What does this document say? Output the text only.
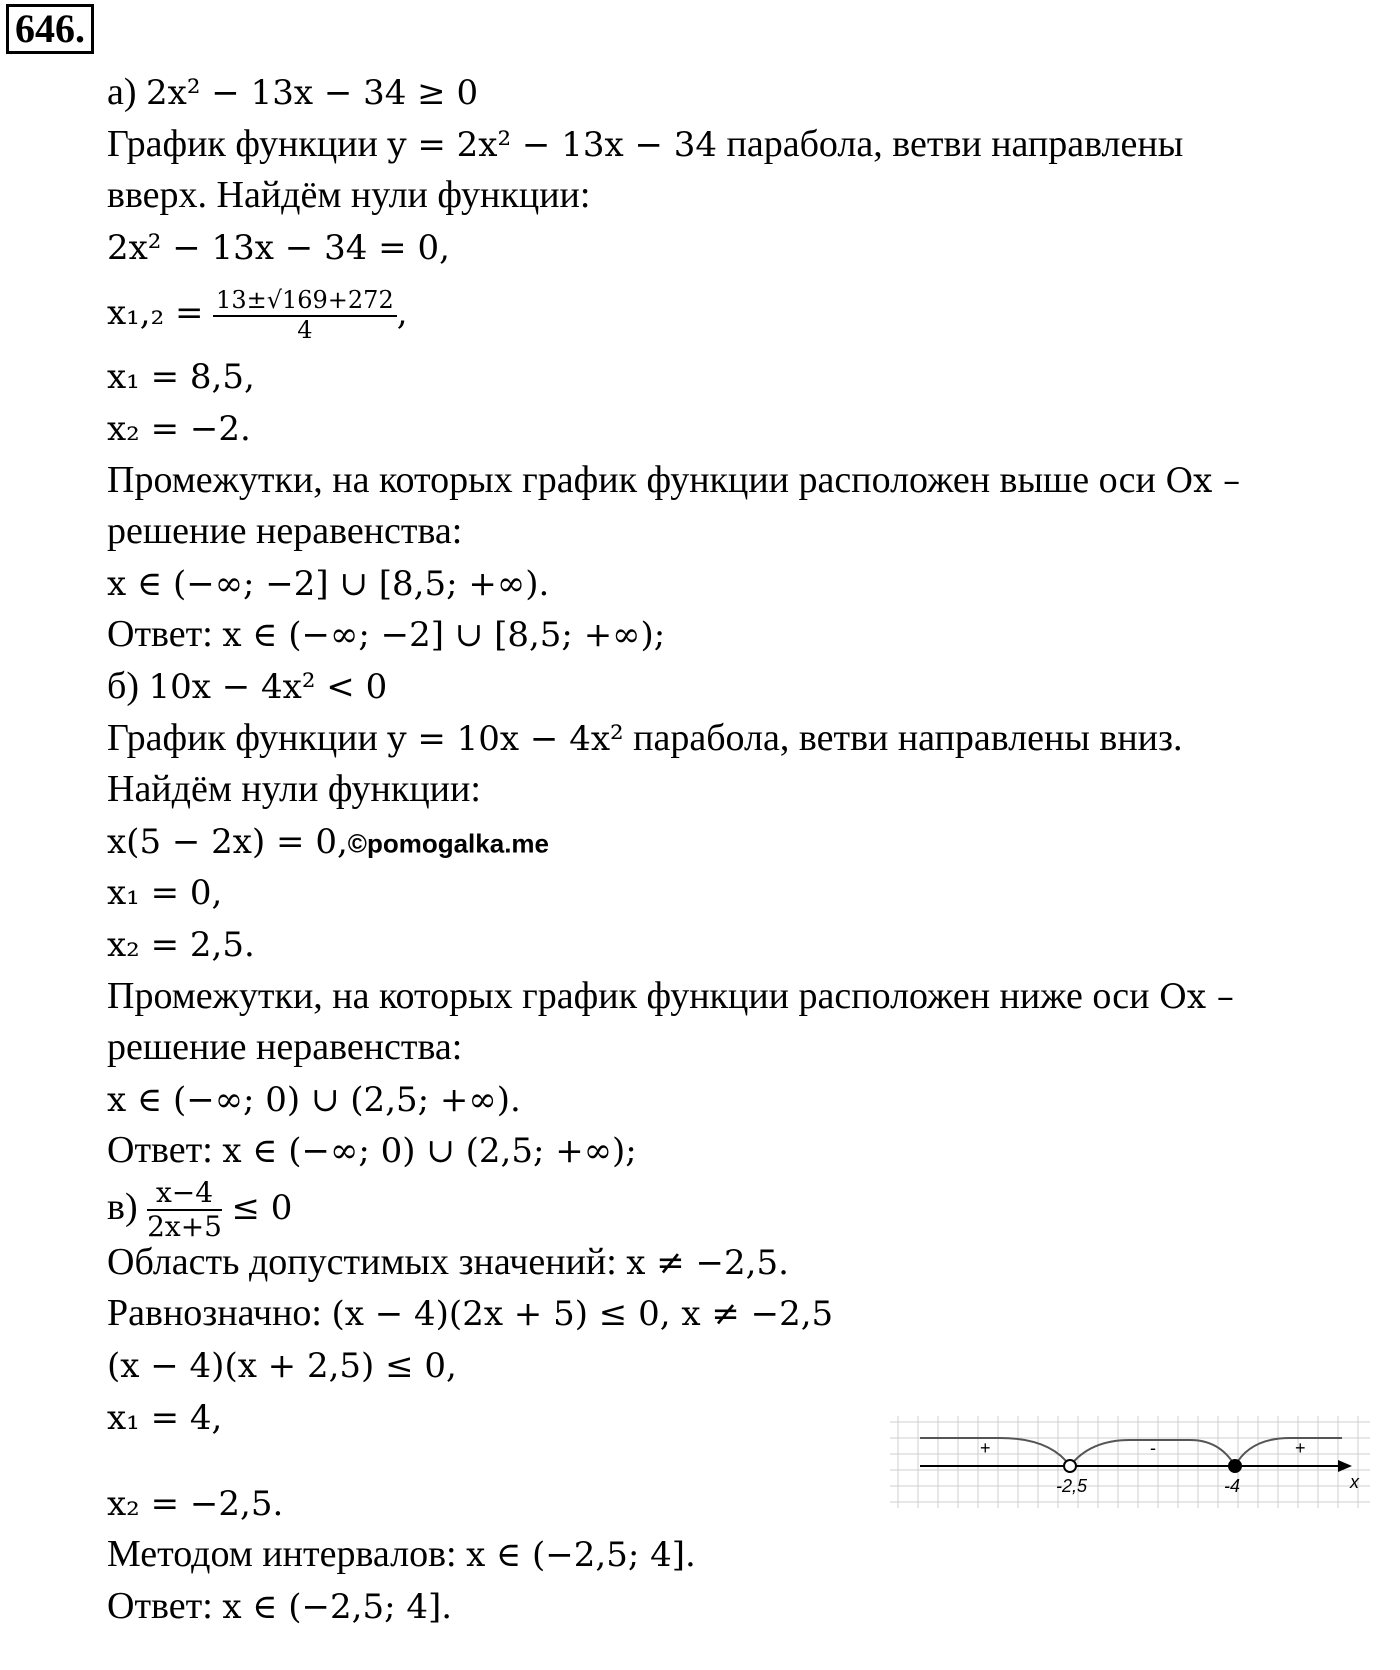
646.
а) 2x² − 13x − 34 ≥ 0
График функции y = 2x² − 13x − 34 парабола, ветви направлены
вверх. Найдём нули функции:
2x² − 13x − 34 = 0,
$x_1,_2 = \frac{13\pm√169+272}{4}$ ,
x₁ = 8,5,
x₂ = −2.
Промежутки, на которых график функции расположен выше оси Ox –
решение неравенства:
x ∈ (−∞; −2] ∪ [8,5; +∞).
Ответ: x ∈ (−∞; −2] ∪ [8,5; +∞);
б) 10x − 4x² < 0
График функции y = 10x − 4x² парабола, ветви направлены вниз.
Найдём нули функции:
x(5 − 2x) = 0,©pomogalka.me
x₁ = 0,
x₂ = 2,5.
Промежутки, на которых график функции расположен ниже оси Ox –
решение неравенства:
x ∈ (−∞; 0) ∪ (2,5; +∞).
Ответ: x ∈ (−∞; 0) ∪ (2,5; +∞);
$в) \frac{x-4}{2x+5} \le 0$
Область допустимых значений: x ≠ −2,5.
Равнозначно: (x − 4)(2x + 5) ≤ 0, x ≠ −2,5
(x − 4)(x + 2,5) ≤ 0,
x₁ = 4,
x₂ = −2,5.
Методом интервалов: x ∈ (−2,5; 4].
Ответ: x ∈ (−2,5; 4].
+	-	+
-2,5	-4	x
